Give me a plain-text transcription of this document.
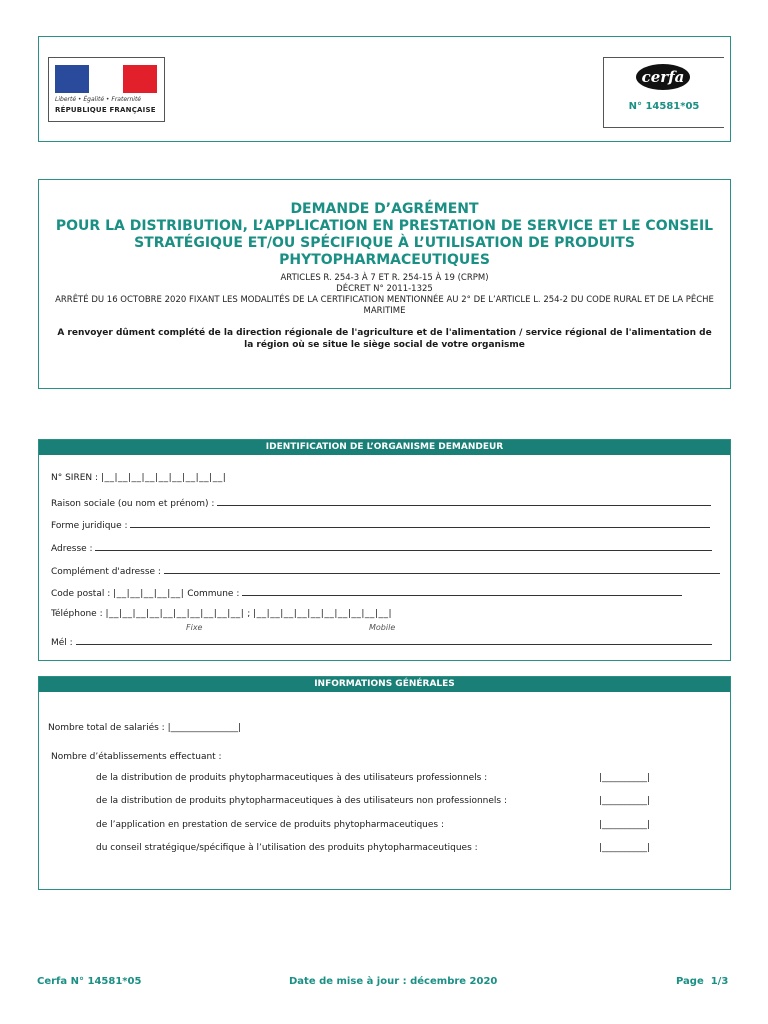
Liberté • Égalité • Fraternité
RÉPUBLIQUE FRANÇAISE
cerfa
N° 14581*05
DEMANDE D’AGRÉMENT
POUR LA DISTRIBUTION, L’APPLICATION EN PRESTATION DE SERVICE ET LE CONSEIL STRATÉGIQUE ET/OU SPÉCIFIQUE À L’UTILISATION DE PRODUITS PHYTOPHARMACEUTIQUES
ARTICLES R. 254-3 À 7 ET R. 254-15 À 19 (CRPM)
DÉCRET N° 2011-1325
ARRÊTÉ DU 16 OCTOBRE 2020 FIXANT LES MODALITÉS DE LA CERTIFICATION MENTIONNÉE AU 2° DE L’ARTICLE L. 254-2 DU CODE RURAL ET DE LA PÊCHE MARITIME
A renvoyer dûment complété de la direction régionale de l'agriculture et de l'alimentation / service régional de l'alimentation de la région où se situe le siège social de votre organisme
IDENTIFICATION DE L’ORGANISME DEMANDEUR
N° SIREN : |__|__|__|__|__|__|__|__|__|
Raison sociale (ou nom et prénom) :
Forme juridique :
Adresse :
Complément d'adresse :
Code postal : |__|__|__|__|__| Commune :
Téléphone : |__|__|__|__|__|__|__|__|__|__| ; |__|__|__|__|__|__|__|__|__|__|
Fixe	Mobile
Mél :
INFORMATIONS GÉNÉRALES
Nombre total de salariés : |_______________|
Nombre d’établissements effectuant :
de la distribution de produits phytopharmaceutiques à des utilisateurs professionnels :	|__________|
de la distribution de produits phytopharmaceutiques à des utilisateurs non professionnels :	|__________|
de l’application en prestation de service de produits phytopharmaceutiques :	|__________|
du conseil stratégique/spécifique à l’utilisation des produits phytopharmaceutiques :	|__________|
Cerfa N° 14581*05	Date de mise à jour : décembre 2020	Page  1/3
